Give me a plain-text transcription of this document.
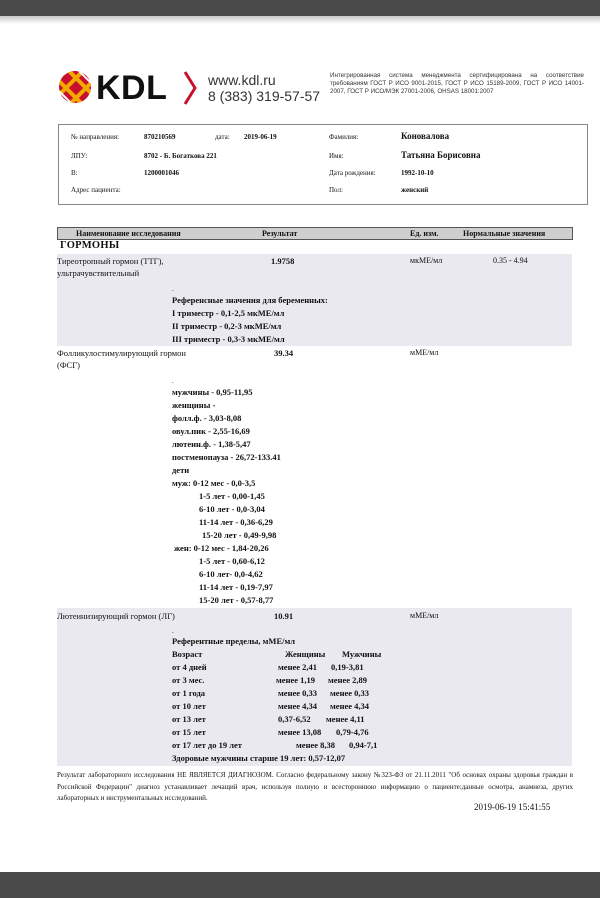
KDL	www.kdl.ru
8 (383) 319-57-57
Интегрированная система менеджмента сертифицирована на соответствие требованиям ГОСТ Р ИСО 9001-2015, ГОСТ Р ИСО 15189-2009, ГОСТ Р ИСО 14001-2007, ГОСТ Р ИСО/МЭК 27001-2006, OHSAS 18001:2007
№ направления:	870210569	дата: 2019-06-19
ЛПУ:	8702 - Б. Богаткова 221
В:	1200001046
Адрес пациента:
Фамилия:	Коновалова
Имя:	Татьяна Борисовна
Дата рождения:	1992-10-10
Пол:	женский
Наименование исследования	Результат	Ед. изм.	Нормальные значения
ГОРМОНЫ
Тиреотропный гормон (ТТГ),
ультрачувствительный
1.9758	мкМЕ/мл	0.35 - 4.94
.
Референсные значения для беременных:
I триместр - 0,1-2,5 мкМЕ/мл
II триместр - 0,2-3 мкМЕ/мл
III триместр - 0,3-3 мкМЕ/мл
Фолликулостимулирующий гормон
(ФСГ)
39.34	мМЕ/мл
.
мужчины - 0,95-11,95
женщины -
фолл.ф. - 3,03-8,08
овул.пик - 2,55-16,69
лютеин.ф. - 1,38-5,47
постменопауза - 26,72-133.41
дети
муж: 0-12 мес - 0,0-3,5
1-5 лет - 0,00-1,45
6-10 лет - 0,0-3,04
11-14 лет - 0,36-6,29
15-20 лет - 0,49-9,98
жен: 0-12 мес - 1,84-20,26
1-5 лет - 0,60-6,12
6-10 лет- 0,0-4,62
11-14 лет - 0,19-7,97
15-20 лет - 0,57-8,77
Лютеинизирующий гормон (ЛГ)	10.91	мМЕ/мл
.
Референтные пределы, мМЕ/мл
Возраст	Женщины Мужчины
от 4 дней	менее 2,41 0,19-3,81
от 3 мес.	менее 1,19 менее 2,89
от 1 года	менее 0,33 менее 0,33
от 10 лет	менее 4,34 менее 4,34
от 13 лет	0,37-6,52 менее 4,11
от 15 лет	менее 13,08 0,79-4,76
от 17 лет до 19 лет	менее 8,38 0,94-7,1
Здоровые мужчины старше 19 лет: 0,57-12,07
Результат лабораторного исследования НЕ ЯВЛЯЕТСЯ ДИАГНОЗОМ. Согласно федеральному закону №323-ФЗ от 21.11.2011 "Об основах охраны здоровья граждан в Российской Федерации" диагноз устанавливает лечащий врач, используя полную и всестороннюю информацию о пациенте:данные осмотра, анамнеза, других лабораторных и инструментальных исследований.
2019-06-19 15:41:55
